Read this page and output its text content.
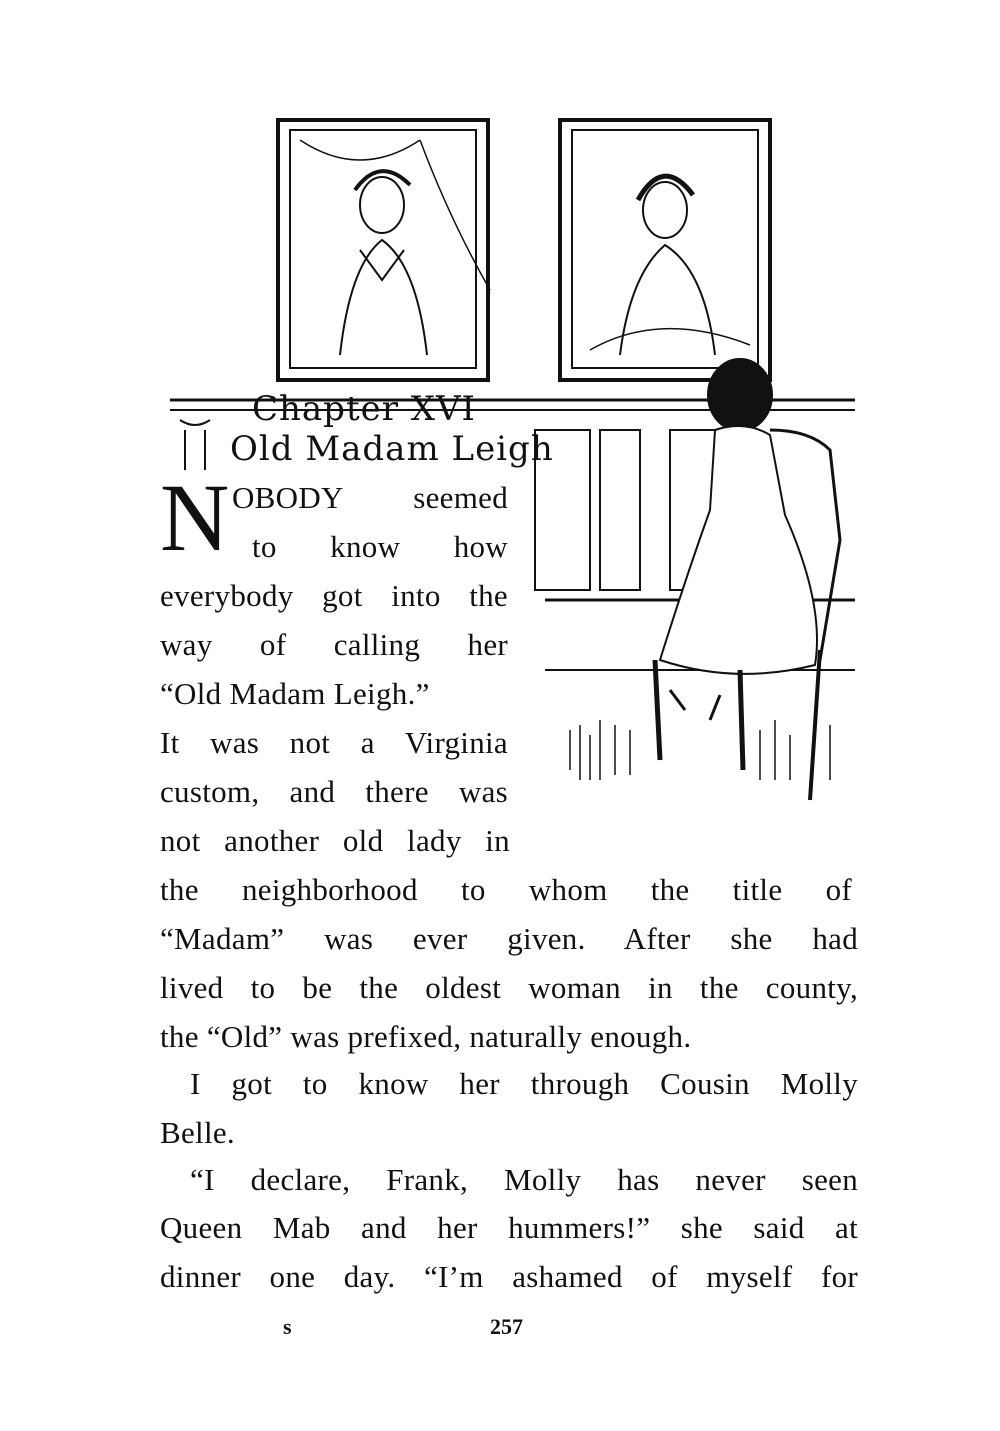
Chapter XVI
Old Madam Leigh
N OBODY seemed
to know how
everybody got into the
way of calling her
“Old Madam Leigh.”
It was not a Virginia
custom, and there was
not another old lady in
the neighborhood to whom the title of
“Madam” was ever given. After she had
lived to be the oldest woman in the county,
the “Old” was prefixed, naturally enough.
I got to know her through Cousin Molly
Belle.
“I declare, Frank, Molly has never seen
Queen Mab and her hummers!” she said at
dinner one day. “I’m ashamed of myself for
s	257
